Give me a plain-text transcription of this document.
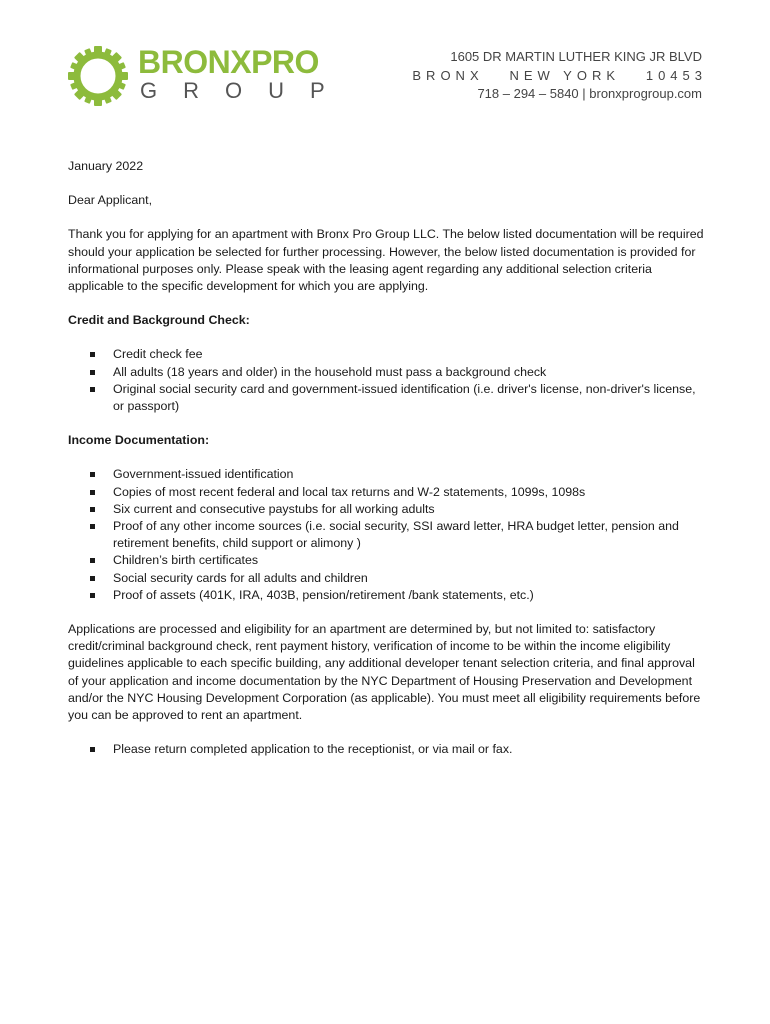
BRONXPRO
GROUP
1605 DR MARTIN LUTHER KING JR BLVD
BRONX   NEW YORK   10453
718 – 294 – 5840 | bronxprogroup.com

January 2022

Dear Applicant,

Thank you for applying for an apartment with Bronx Pro Group LLC. The below listed documentation will be required should your application be selected for further processing. However, the below listed documentation is provided for informational purposes only. Please speak with the leasing agent regarding any additional selection criteria applicable to the specific development for which you are applying.

Credit and Background Check:

Credit check fee
All adults (18 years and older) in the household must pass a background check
Original social security card and government-issued identification (i.e. driver's license, non-driver's license, or passport)

Income Documentation:

Government-issued identification
Copies of most recent federal and local tax returns and W-2 statements, 1099s, 1098s
Six current and consecutive paystubs for all working adults
Proof of any other income sources (i.e. social security, SSI award letter, HRA budget letter, pension and retirement benefits, child support or alimony )
Children’s birth certificates
Social security cards for all adults and children
Proof of assets (401K, IRA, 403B, pension/retirement /bank statements, etc.)

Applications are processed and eligibility for an apartment are determined by, but not limited to: satisfactory credit/criminal background check, rent payment history, verification of income to be within the income eligibility guidelines applicable to each specific building, any additional developer tenant selection criteria, and final approval of your application and income documentation by the NYC Department of Housing Preservation and Development and/or the NYC Housing Development Corporation (as applicable). You must meet all eligibility requirements before you can be approved to rent an apartment.

Please return completed application to the receptionist, or via mail or fax.
